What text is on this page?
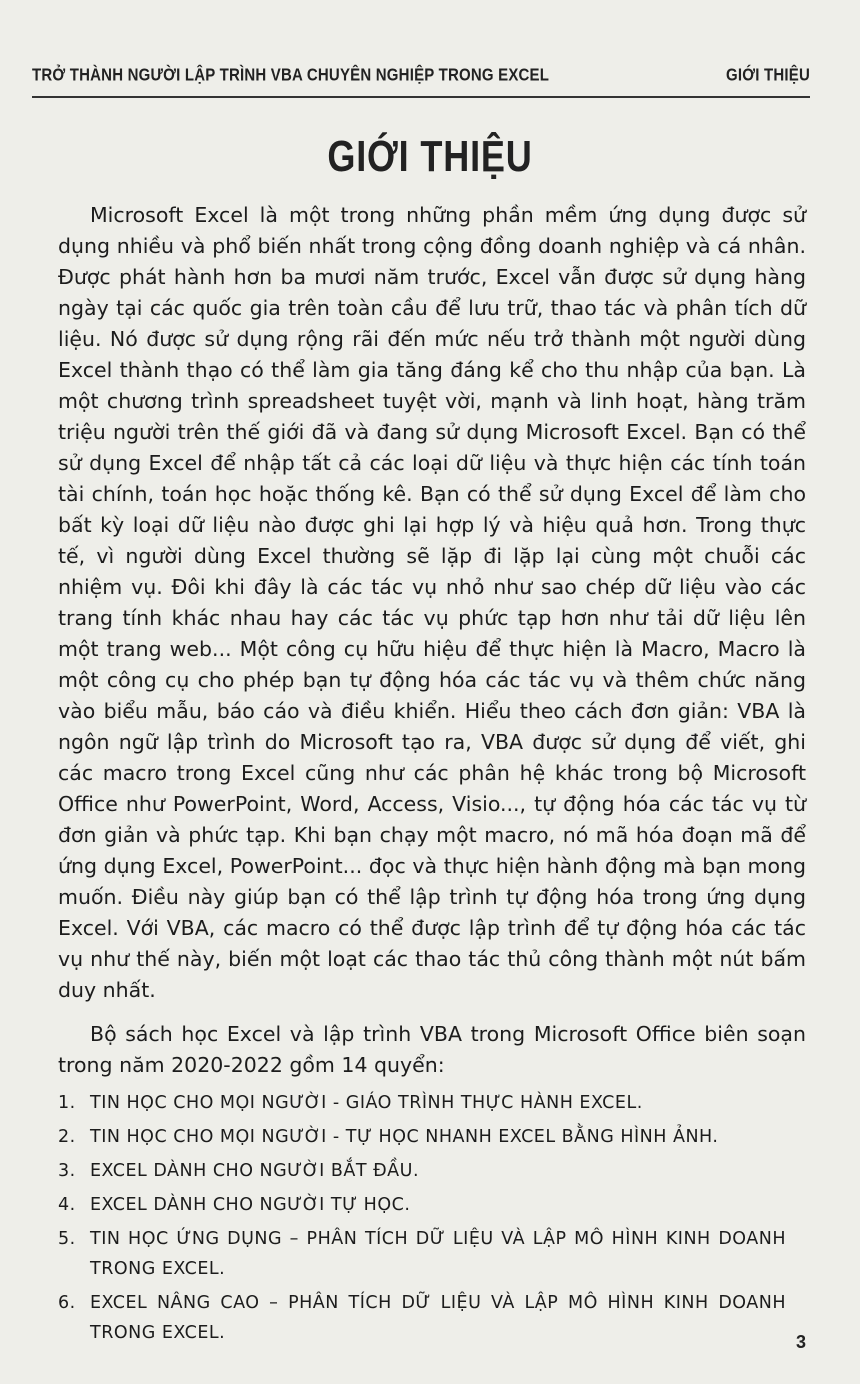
TRỞ THÀNH NGƯỜI LẬP TRÌNH VBA CHUYÊN NGHIỆP TRONG EXCEL	GIỚI THIỆU
GIỚI THIỆU

Microsoft Excel là một trong những phần mềm ứng dụng được sử dụng nhiều và phổ biến nhất trong cộng đồng doanh nghiệp và cá nhân. Được phát hành hơn ba mươi năm trước, Excel vẫn được sử dụng hàng ngày tại các quốc gia trên toàn cầu để lưu trữ, thao tác và phân tích dữ liệu. Nó được sử dụng rộng rãi đến mức nếu trở thành một người dùng Excel thành thạo có thể làm gia tăng đáng kể cho thu nhập của bạn. Là một chương trình spreadsheet tuyệt vời, mạnh và linh hoạt, hàng trăm triệu người trên thế giới đã và đang sử dụng Microsoft Excel. Bạn có thể sử dụng Excel để nhập tất cả các loại dữ liệu và thực hiện các tính toán tài chính, toán học hoặc thống kê. Bạn có thể sử dụng Excel để làm cho bất kỳ loại dữ liệu nào được ghi lại hợp lý và hiệu quả hơn. Trong thực tế, vì người dùng Excel thường sẽ lặp đi lặp lại cùng một chuỗi các nhiệm vụ. Đôi khi đây là các tác vụ nhỏ như sao chép dữ liệu vào các trang tính khác nhau hay các tác vụ phức tạp hơn như tải dữ liệu lên một trang web... Một công cụ hữu hiệu để thực hiện là Macro, Macro là một công cụ cho phép bạn tự động hóa các tác vụ và thêm chức năng vào biểu mẫu, báo cáo và điều khiển. Hiểu theo cách đơn giản: VBA là ngôn ngữ lập trình do Microsoft tạo ra, VBA được sử dụng để viết, ghi các macro trong Excel cũng như các phân hệ khác trong bộ Microsoft Office như PowerPoint, Word, Access, Visio..., tự động hóa các tác vụ từ đơn giản và phức tạp. Khi bạn chạy một macro, nó mã hóa đoạn mã để ứng dụng Excel, PowerPoint... đọc và thực hiện hành động mà bạn mong muốn. Điều này giúp bạn có thể lập trình tự động hóa trong ứng dụng Excel. Với VBA, các macro có thể được lập trình để tự động hóa các tác vụ như thế này, biến một loạt các thao tác thủ công thành một nút bấm duy nhất.

Bộ sách học Excel và lập trình VBA trong Microsoft Office biên soạn trong năm 2020-2022 gồm 14 quyển:

1. TIN HỌC CHO MỌI NGƯỜI - GIÁO TRÌNH THỰC HÀNH EXCEL.
2. TIN HỌC CHO MỌI NGƯỜI - TỰ HỌC NHANH EXCEL BẰNG HÌNH ẢNH.
3. EXCEL DÀNH CHO NGƯỜI BẮT ĐẦU.
4. EXCEL DÀNH CHO NGƯỜI TỰ HỌC.
5. TIN HỌC ỨNG DỤNG – PHÂN TÍCH DỮ LIỆU VÀ LẬP MÔ HÌNH KINH DOANH TRONG EXCEL.
6. EXCEL NÂNG CAO – PHÂN TÍCH DỮ LIỆU VÀ LẬP MÔ HÌNH KINH DOANH TRONG EXCEL.	3
